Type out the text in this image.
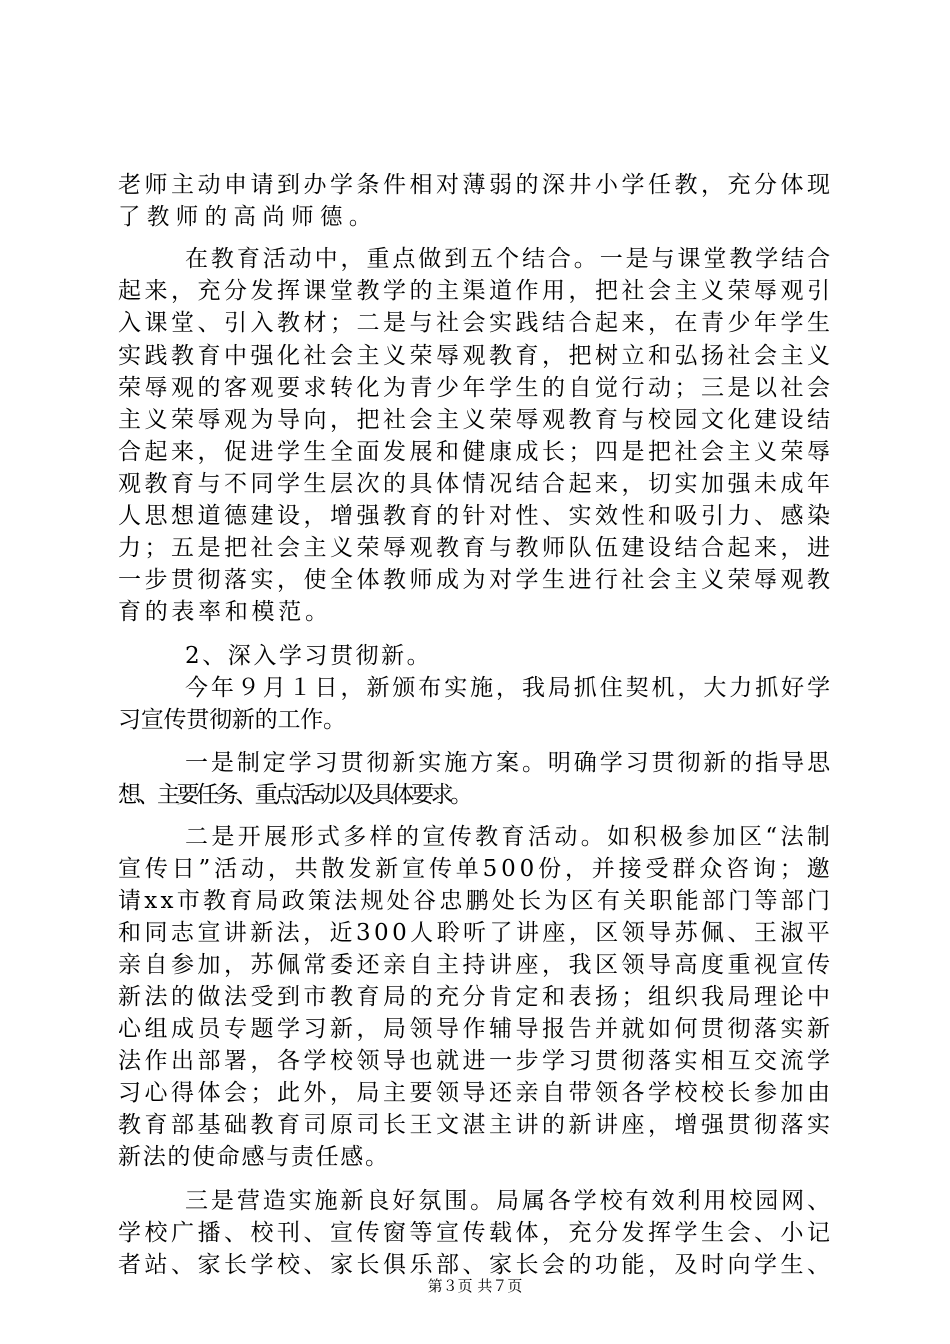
老师主动申请到办学条件相对薄弱的深井小学任教，充分体现
了教师的高尚师德。
在教育活动中，重点做到五个结合。一是与课堂教学结合
起来，充分发挥课堂教学的主渠道作用，把社会主义荣辱观引
入课堂、引入教材；二是与社会实践结合起来，在青少年学生
实践教育中强化社会主义荣辱观教育，把树立和弘扬社会主义
荣辱观的客观要求转化为青少年学生的自觉行动；三是以社会
主义荣辱观为导向，把社会主义荣辱观教育与校园文化建设结
合起来，促进学生全面发展和健康成长；四是把社会主义荣辱
观教育与不同学生层次的具体情况结合起来，切实加强未成年
人思想道德建设，增强教育的针对性、实效性和吸引力、感染
力；五是把社会主义荣辱观教育与教师队伍建设结合起来，进
一步贯彻落实，使全体教师成为对学生进行社会主义荣辱观教
育的表率和模范。
2、深入学习贯彻新。
今年９月１日，新颁布实施，我局抓住契机，大力抓好学
习宣传贯彻新的工作。
一是制定学习贯彻新实施方案。明确学习贯彻新的指导思
想、主要任务、重点活动以及具体要求。
二是开展形式多样的宣传教育活动。如积极参加区“法制
宣传日”活动，共散发新宣传单500份，并接受群众咨询；邀
请xx市教育局政策法规处谷忠鹏处长为区有关职能部门等部门
和同志宣讲新法，近300人聆听了讲座，区领导苏佩、王淑平
亲自参加，苏佩常委还亲自主持讲座，我区领导高度重视宣传
新法的做法受到市教育局的充分肯定和表扬；组织我局理论中
心组成员专题学习新，局领导作辅导报告并就如何贯彻落实新
法作出部署，各学校领导也就进一步学习贯彻落实相互交流学
习心得体会；此外，局主要领导还亲自带领各学校校长参加由
教育部基础教育司原司长王文湛主讲的新讲座，增强贯彻落实
新法的使命感与责任感。
三是营造实施新良好氛围。局属各学校有效利用校园网、
学校广播、校刊、宣传窗等宣传载体，充分发挥学生会、小记
者站、家长学校、家长俱乐部、家长会的功能，及时向学生、
第３页 共７页
